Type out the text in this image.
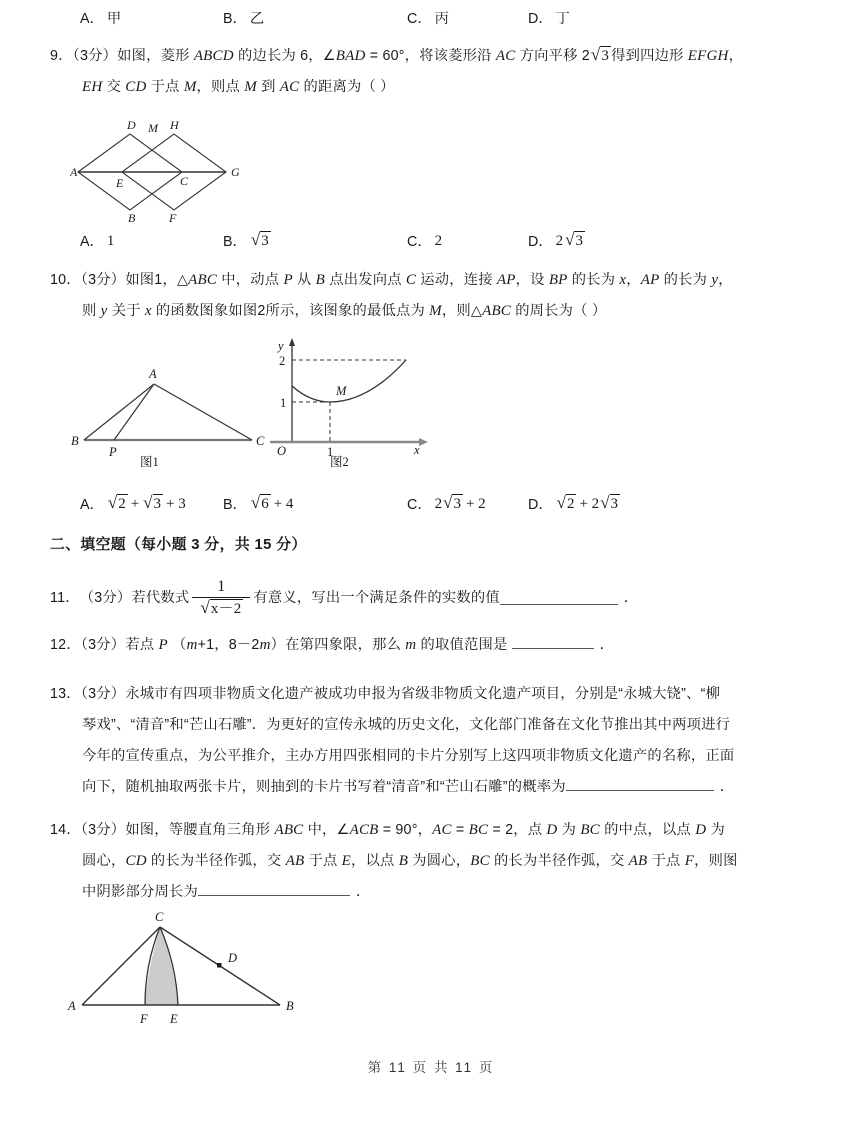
A． 甲	B． 乙	C． 丙	D． 丁
9．（3分）如图，菱形 ABCD 的边长为 6，∠BAD = 60°，将该菱形沿 AC 方向平移 2 √ 3 得到四边形 EFGH，
EH 交 CD 于点 M，则点 M 到 AC 的距离为（ ）
A
D
B
C
E
F
G
H
M
A． 1	B． √ 3	C． 2	D． 2 √ 3
10．（3分）如图1，△ABC 中，动点 P 从 B 点出发向点 C 运动，连接 AP，设 BP 的长为 x，AP 的长为 y，
则 y 关于 x 的函数图象如图2所示，该图象的最低点为 M，则△ABC 的周长为（ ）
A
B	C
P
图1
y
x
O
M
2
1
1
图2
A． √ 2 + √ 3 + 3	B． √ 6 + 4	C． 2 √ 3 + 2	D． √ 2 + 2 √ 3
二、填空题（每小题 3 分，共 15 分）
11． （3分） 若代数式 $\frac{1}{√ x-2}$ 有意义，写出一个满足条件的实数的值	．
12．（3分）若点 P （m+1，8－2m）在第四象限，那么 m 的取值范围是	．
13．（3分）永城市有四项非物质文化遗产被成功申报为省级非物质文化遗产项目，分别是“永城大铙”、“柳
琴戏”、“清音”和“芒山石雕”．为更好的宣传永城的历史文化，文化部门准备在文化节推出其中两项进行
今年的宣传重点，为公平推介，主办方用四张相同的卡片分别写上这四项非物质文化遗产的名称，正面
向下，随机抽取两张卡片，则抽到的卡片书写着“清音”和“芒山石雕”的概率为	．
14．（3分）如图，等腰直角三角形 ABC 中，∠ACB = 90°，AC = BC = 2，点 D 为 BC 的中点，以点 D 为
圆心，CD 的长为半径作弧，交 AB 于点 E，以点 B 为圆心，BC 的长为半径作弧，交 AB 于点 F，则图
中阴影部分周长为	．
C
A	B
D
F E
第 11 页 共 11 页
